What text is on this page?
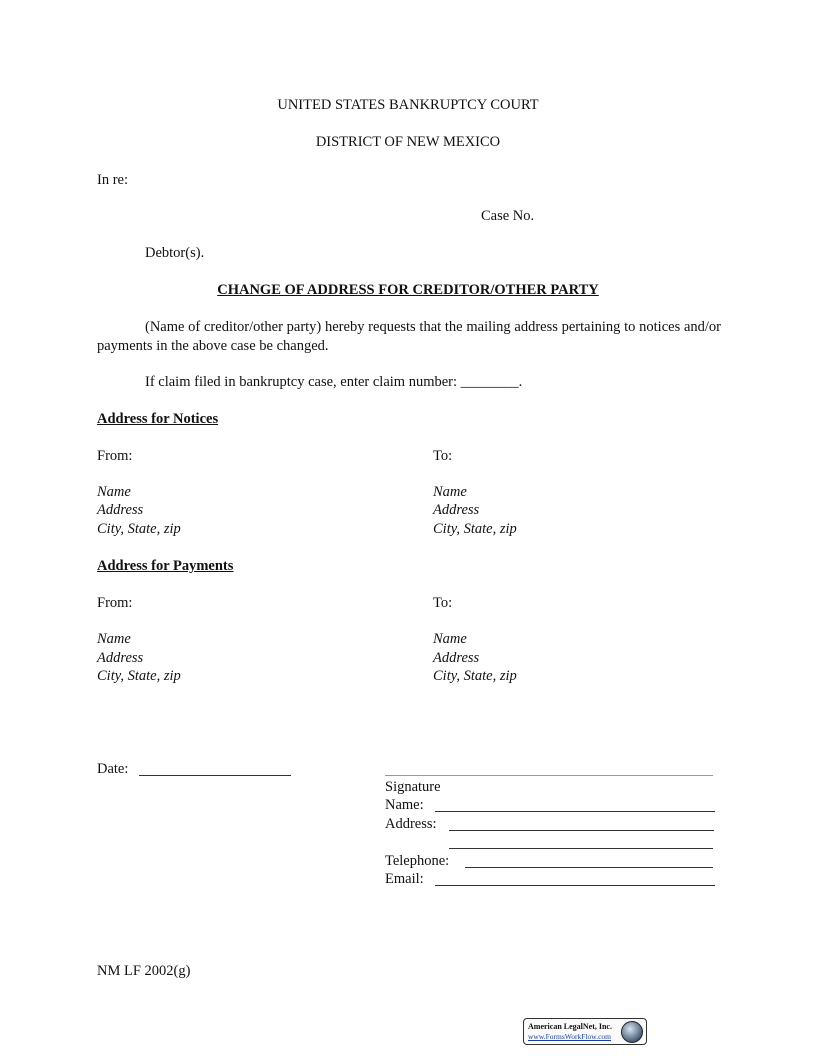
UNITED STATES BANKRUPTCY COURT
DISTRICT OF NEW MEXICO
In re:
Case No.
Debtor(s).
CHANGE OF ADDRESS FOR CREDITOR/OTHER PARTY
(Name of creditor/other party) hereby requests that the mailing address pertaining to notices and/or payments in the above case be changed.
If claim filed in bankruptcy case, enter claim number: ________.
Address for Notices
From:	To:
Name
Address
City, State, zip
Name
Address
City, State, zip
Address for Payments
From:	To:
Name
Address
City, State, zip
Name
Address
City, State, zip
Date:
Signature
Name:
Address:
Telephone:
Email:
NM LF 2002(g)
American LegalNet, Inc.
www.FormsWorkFlow.com
